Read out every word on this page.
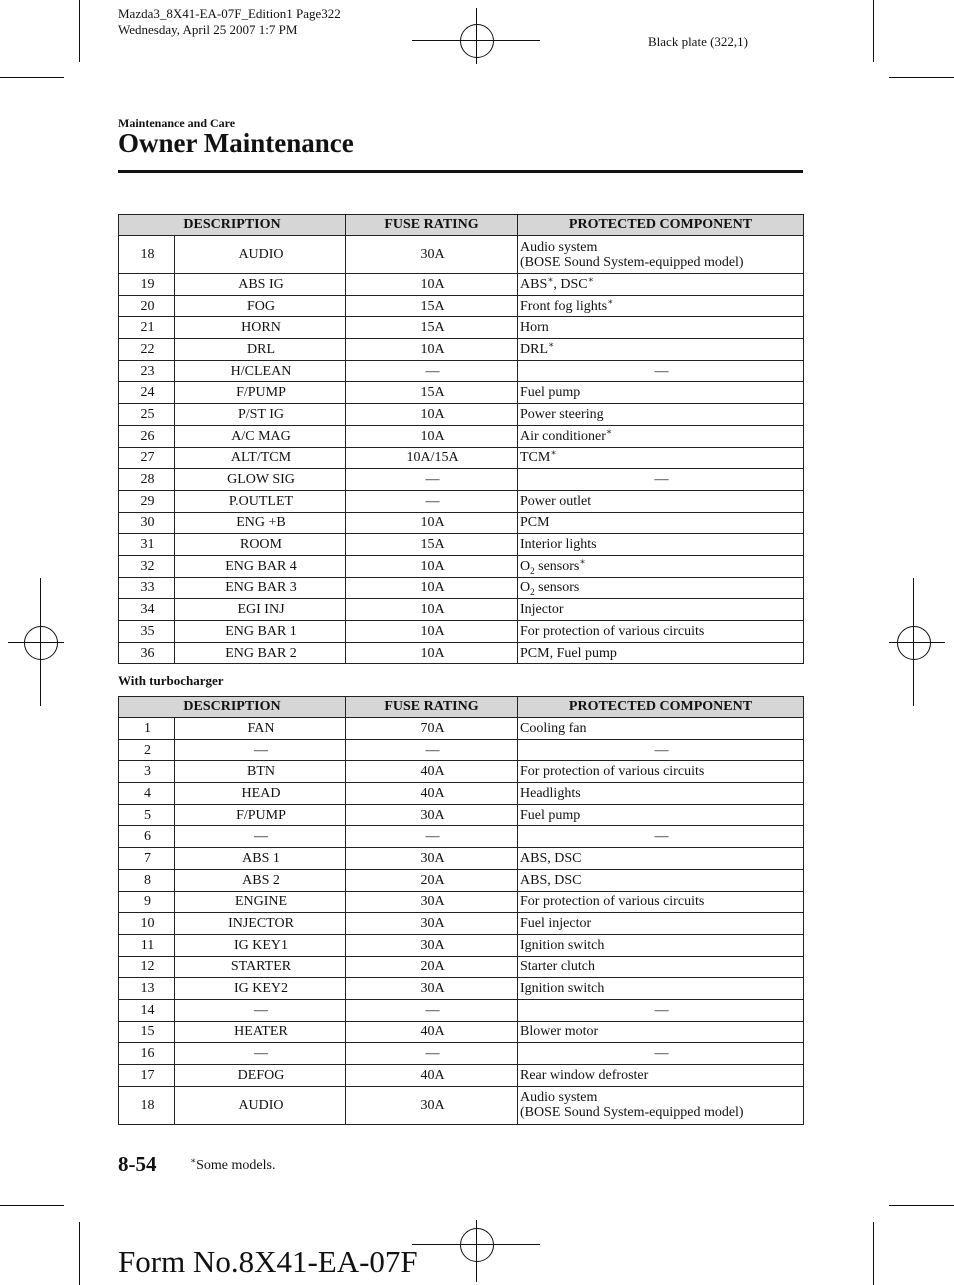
Mazda3_8X41-EA-07F_Edition1 Page322
Wednesday, April 25 2007 1:7 PM
Black plate (322,1)
Maintenance and Care
Owner Maintenance
DESCRIPTION		FUSE RATING	PROTECTED COMPONENT
18	AUDIO	30A	Audio system
(BOSE Sound System-equipped model)
19	ABS IG	10A	ABS∗, DSC∗
20	FOG	15A	Front fog lights∗
21	HORN	15A	Horn
22	DRL	10A	DRL∗
23	H/CLEAN	—	—
24	F/PUMP	15A	Fuel pump
25	P/ST IG	10A	Power steering
26	A/C MAG	10A	Air conditioner∗
27	ALT/TCM	10A/15A	TCM∗
28	GLOW SIG	—	—
29	P.OUTLET	—	Power outlet
30	ENG +B	10A	PCM
31	ROOM	15A	Interior lights
32	ENG BAR 4	10A	$O_2$ sensors∗
33	ENG BAR 3	10A	$O_2$ sensors
34	EGI INJ	10A	Injector
35	ENG BAR 1	10A	For protection of various circuits
36	ENG BAR 2	10A	PCM, Fuel pump
With turbocharger
DESCRIPTION		FUSE RATING	PROTECTED COMPONENT
1	FAN	70A	Cooling fan
2	—	—	—
3	BTN	40A	For protection of various circuits
4	HEAD	40A	Headlights
5	F/PUMP	30A	Fuel pump
6	—	—	—
7	ABS 1	30A	ABS, DSC
8	ABS 2	20A	ABS, DSC
9	ENGINE	30A	For protection of various circuits
10	INJECTOR	30A	Fuel injector
11	IG KEY1	30A	Ignition switch
12	STARTER	20A	Starter clutch
13	IG KEY2	30A	Ignition switch
14	—	—	—
15	HEATER	40A	Blower motor
16	—	—	—
17	DEFOG	40A	Rear window defroster
18	AUDIO	30A	Audio system
(BOSE Sound System-equipped model)
8-54	∗Some models.
Form No.8X41-EA-07F
